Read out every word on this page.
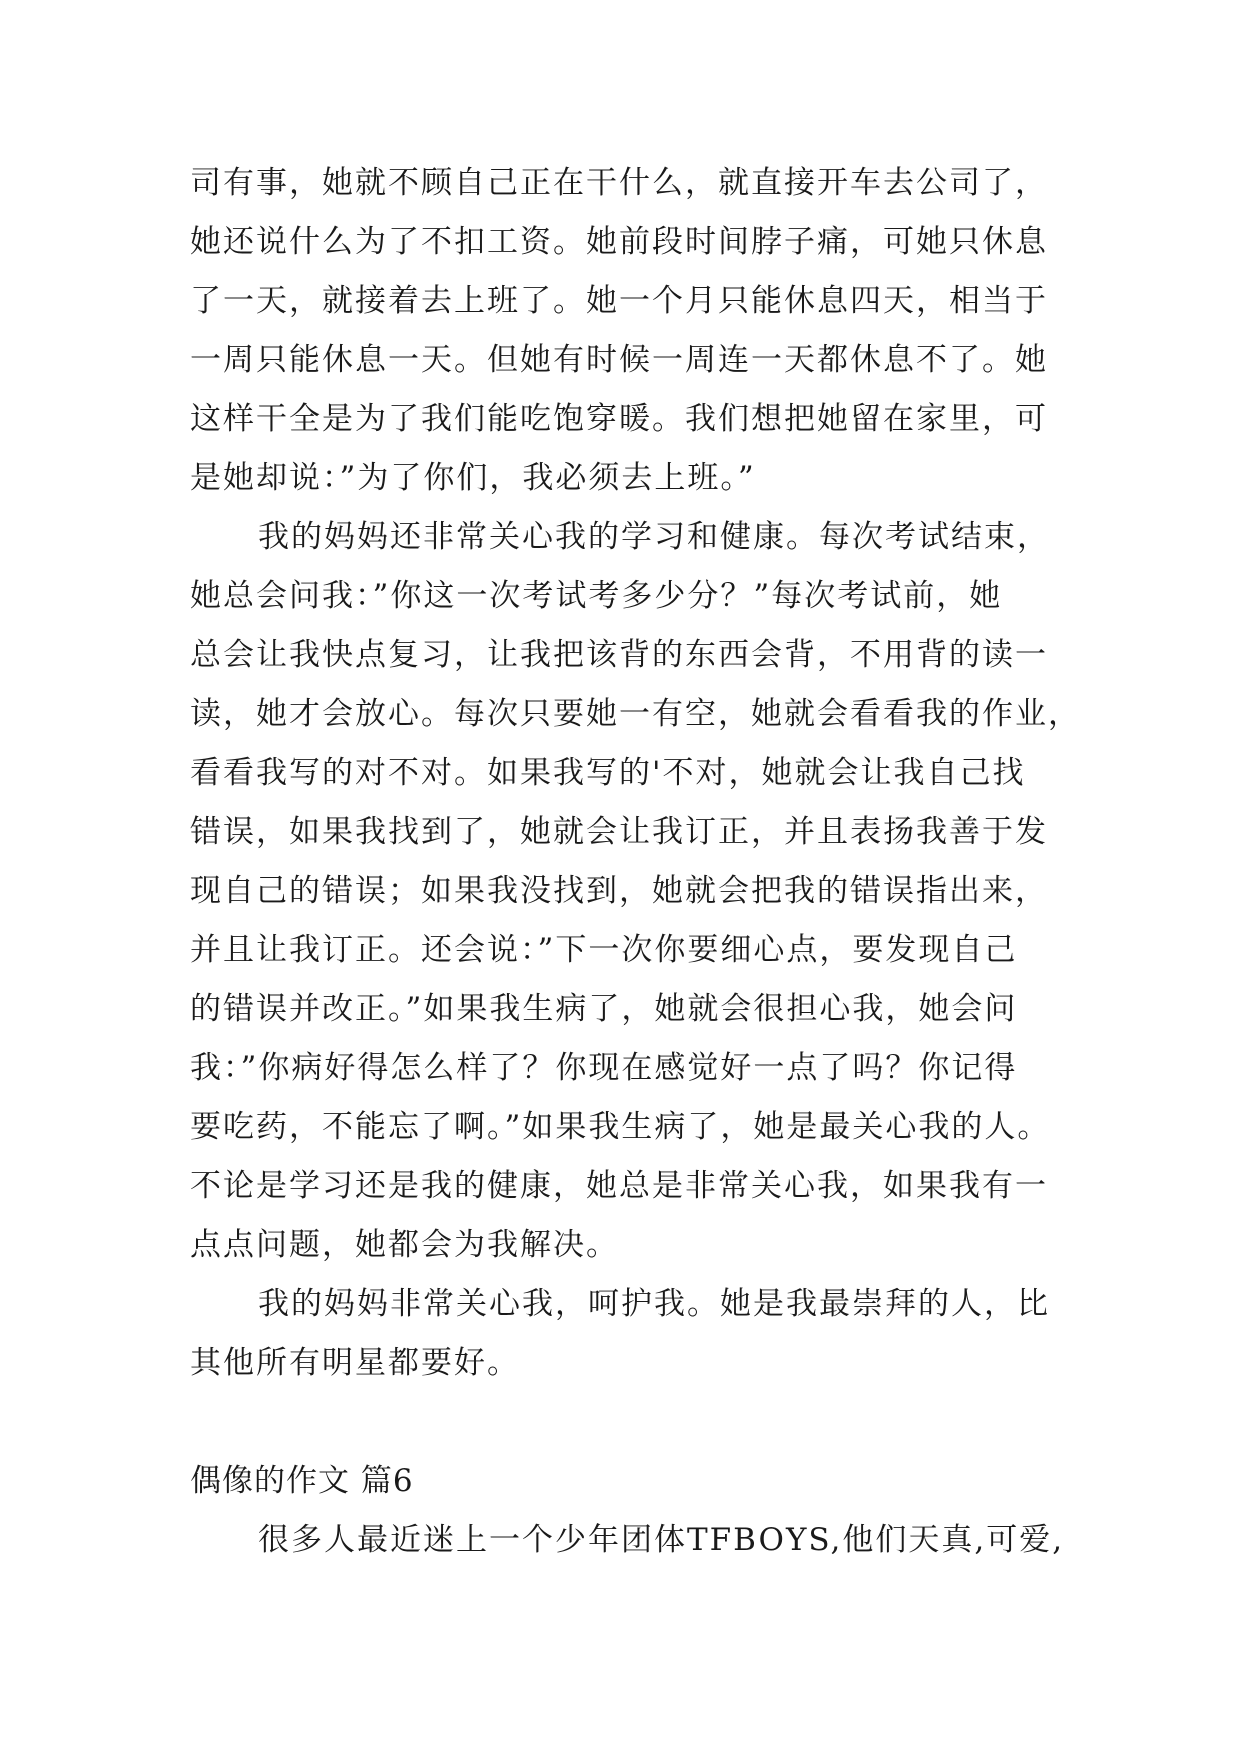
司有事，她就不顾自己正在干什么，就直接开车去公司了，
她还说什么为了不扣工资。她前段时间脖子痛，可她只休息
了一天，就接着去上班了。她一个月只能休息四天，相当于
一周只能休息一天。但她有时候一周连一天都休息不了。她
这样干全是为了我们能吃饱穿暖。我们想把她留在家里，可
是她却说：”为了你们，我必须去上班。”
我的妈妈还非常关心我的学习和健康。每次考试结束，
她总会问我：”你这一次考试考多少分？”每次考试前，她
总会让我快点复习，让我把该背的东西会背，不用背的读一
读，她才会放心。每次只要她一有空，她就会看看我的作业，
看看我写的对不对。如果我写的'不对，她就会让我自己找
错误，如果我找到了，她就会让我订正，并且表扬我善于发
现自己的错误；如果我没找到，她就会把我的错误指出来，
并且让我订正。还会说：”下一次你要细心点，要发现自己
的错误并改正。”如果我生病了，她就会很担心我，她会问
我：”你病好得怎么样了？你现在感觉好一点了吗？你记得
要吃药，不能忘了啊。”如果我生病了，她是最关心我的人。
不论是学习还是我的健康，她总是非常关心我，如果我有一
点点问题，她都会为我解决。
我的妈妈非常关心我，呵护我。她是我最崇拜的人，比
其他所有明星都要好。
偶像的作文 篇6
很多人最近迷上一个少年团体TFBOYS,他们天真,可爱,
